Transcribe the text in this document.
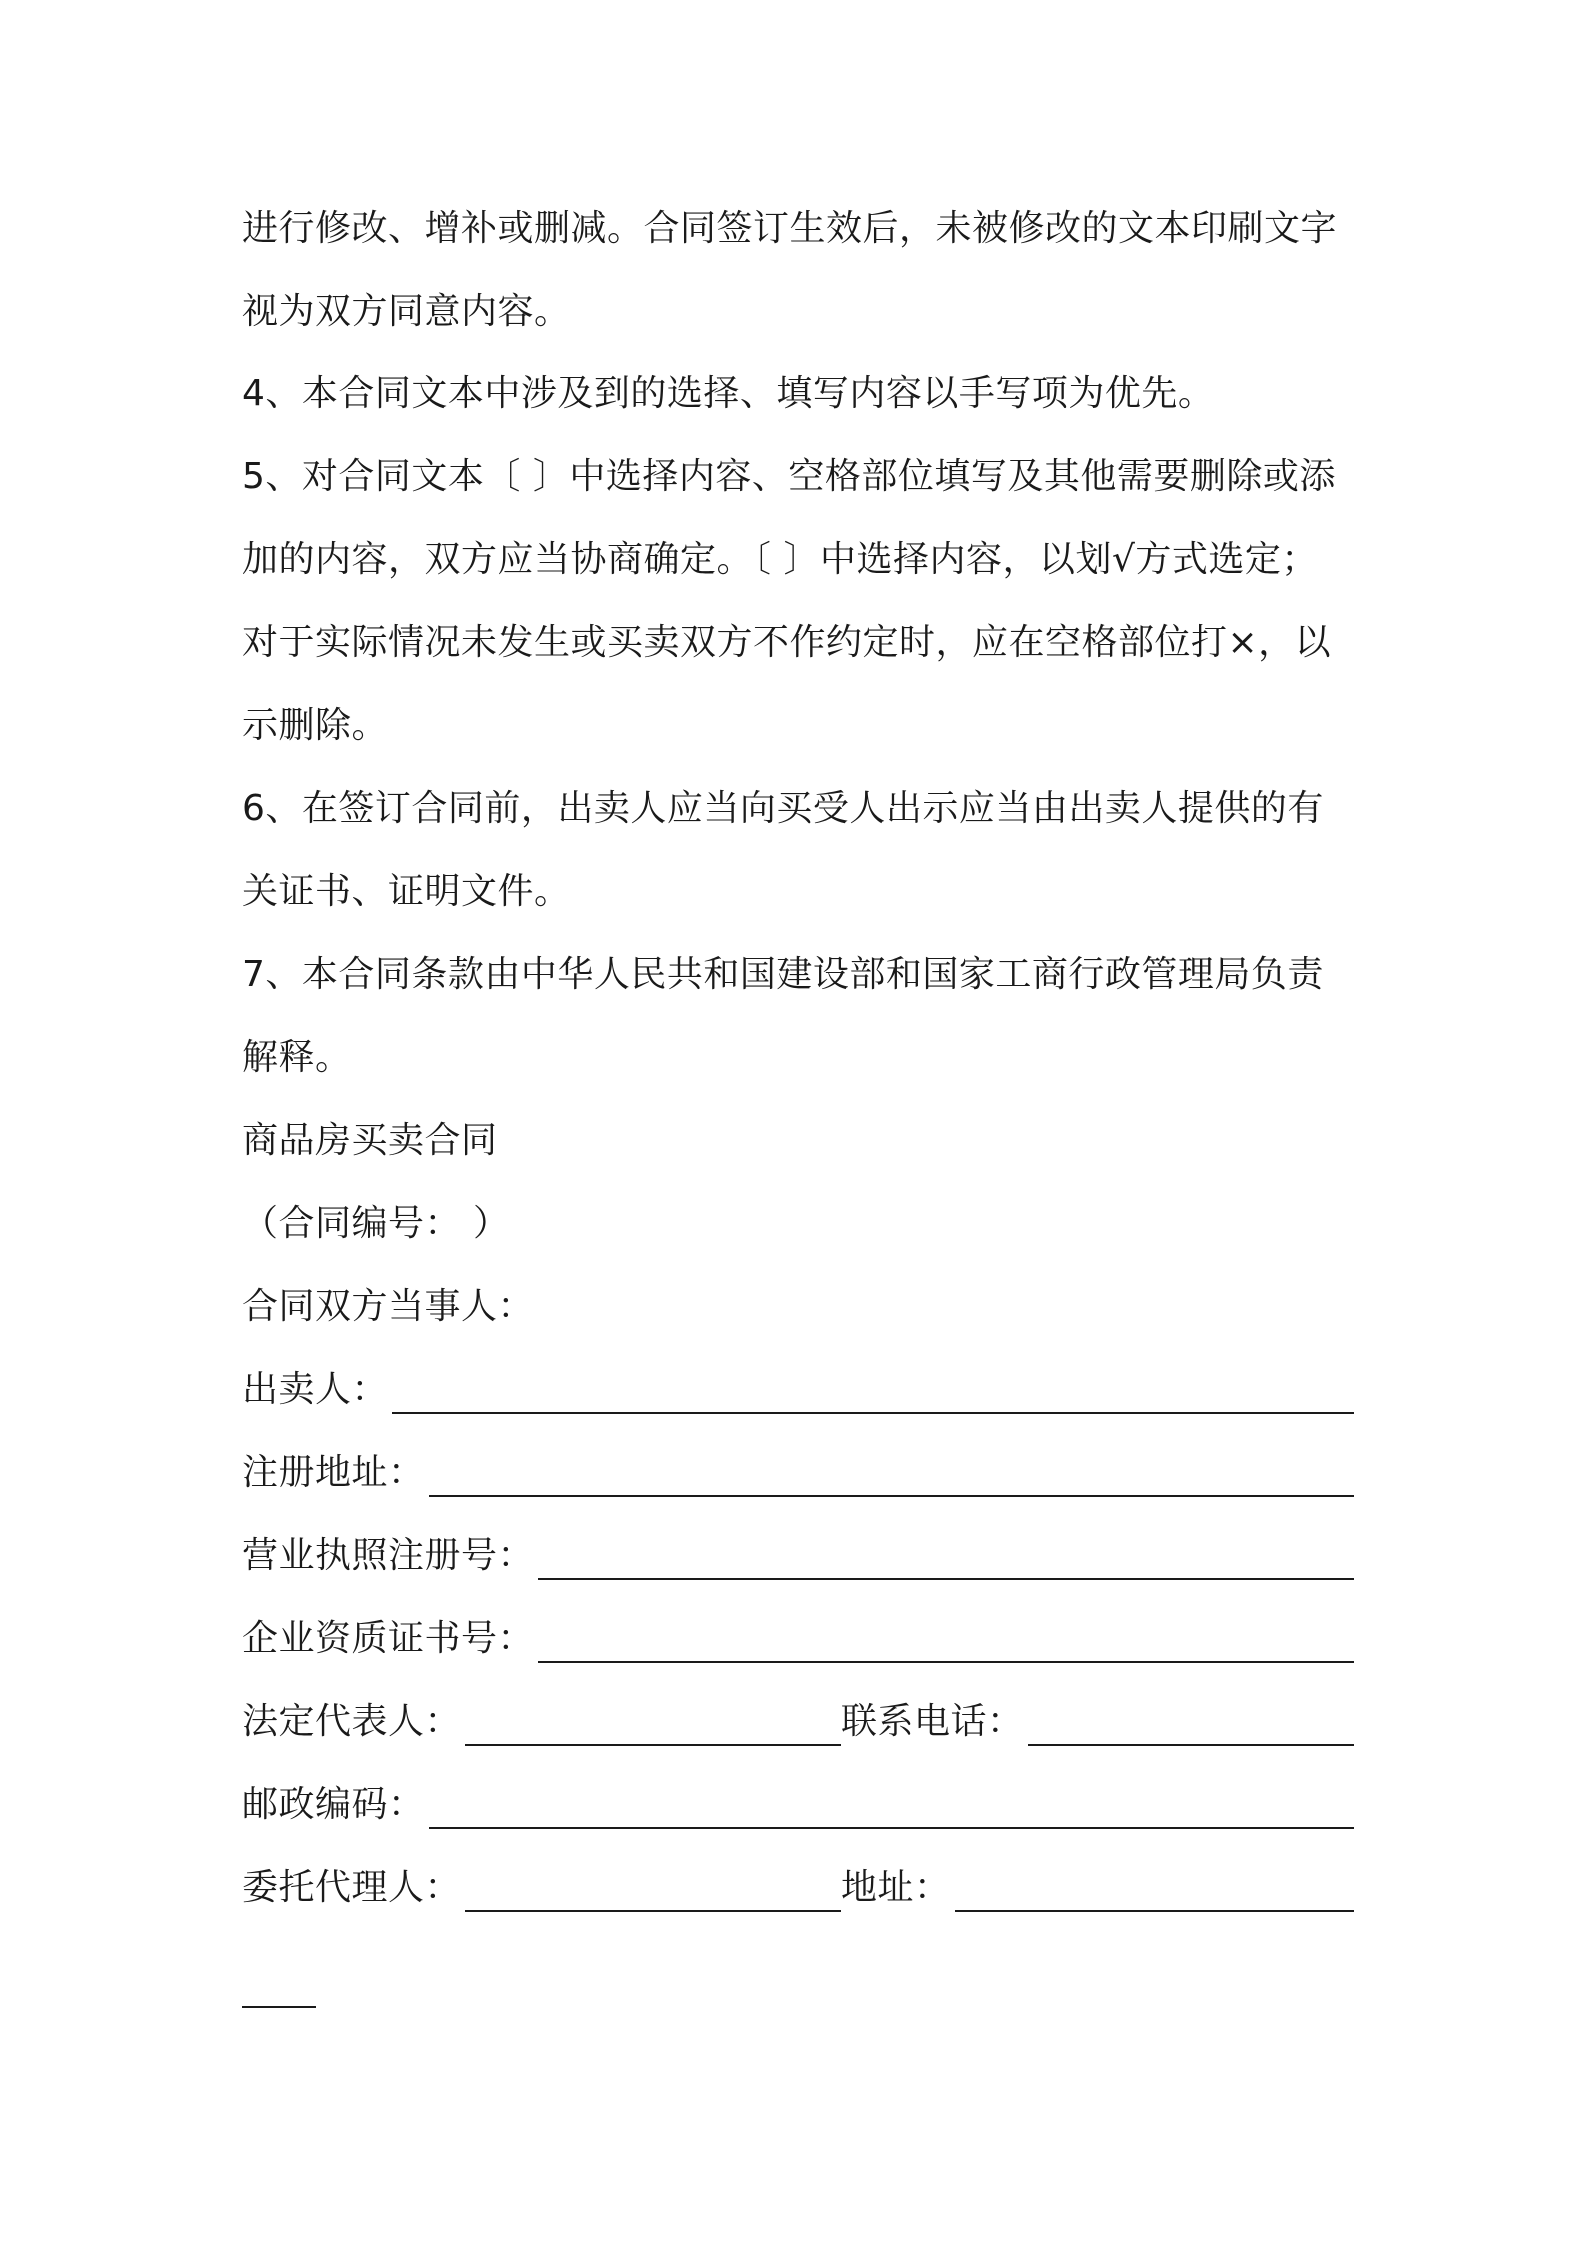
进行修改、增补或删减。合同签订生效后，未被修改的文本印刷文字
视为双方同意内容。
4、本合同文本中涉及到的选择、填写内容以手写项为优先。
5、对合同文本〔 〕中选择内容、空格部位填写及其他需要删除或添
加的内容，双方应当协商确定。〔 〕中选择内容，以划√方式选定；
对于实际情况未发生或买卖双方不作约定时，应在空格部位打×，以
示删除。
6、在签订合同前，出卖人应当向买受人出示应当由出卖人提供的有
关证书、证明文件。
7、本合同条款由中华人民共和国建设部和国家工商行政管理局负责
解释。
商品房买卖合同
（合同编号： ）
合同双方当事人：
出卖人：
注册地址：
营业执照注册号：
企业资质证书号：
法定代表人：	联系电话：
邮政编码：
委托代理人：	地址：
